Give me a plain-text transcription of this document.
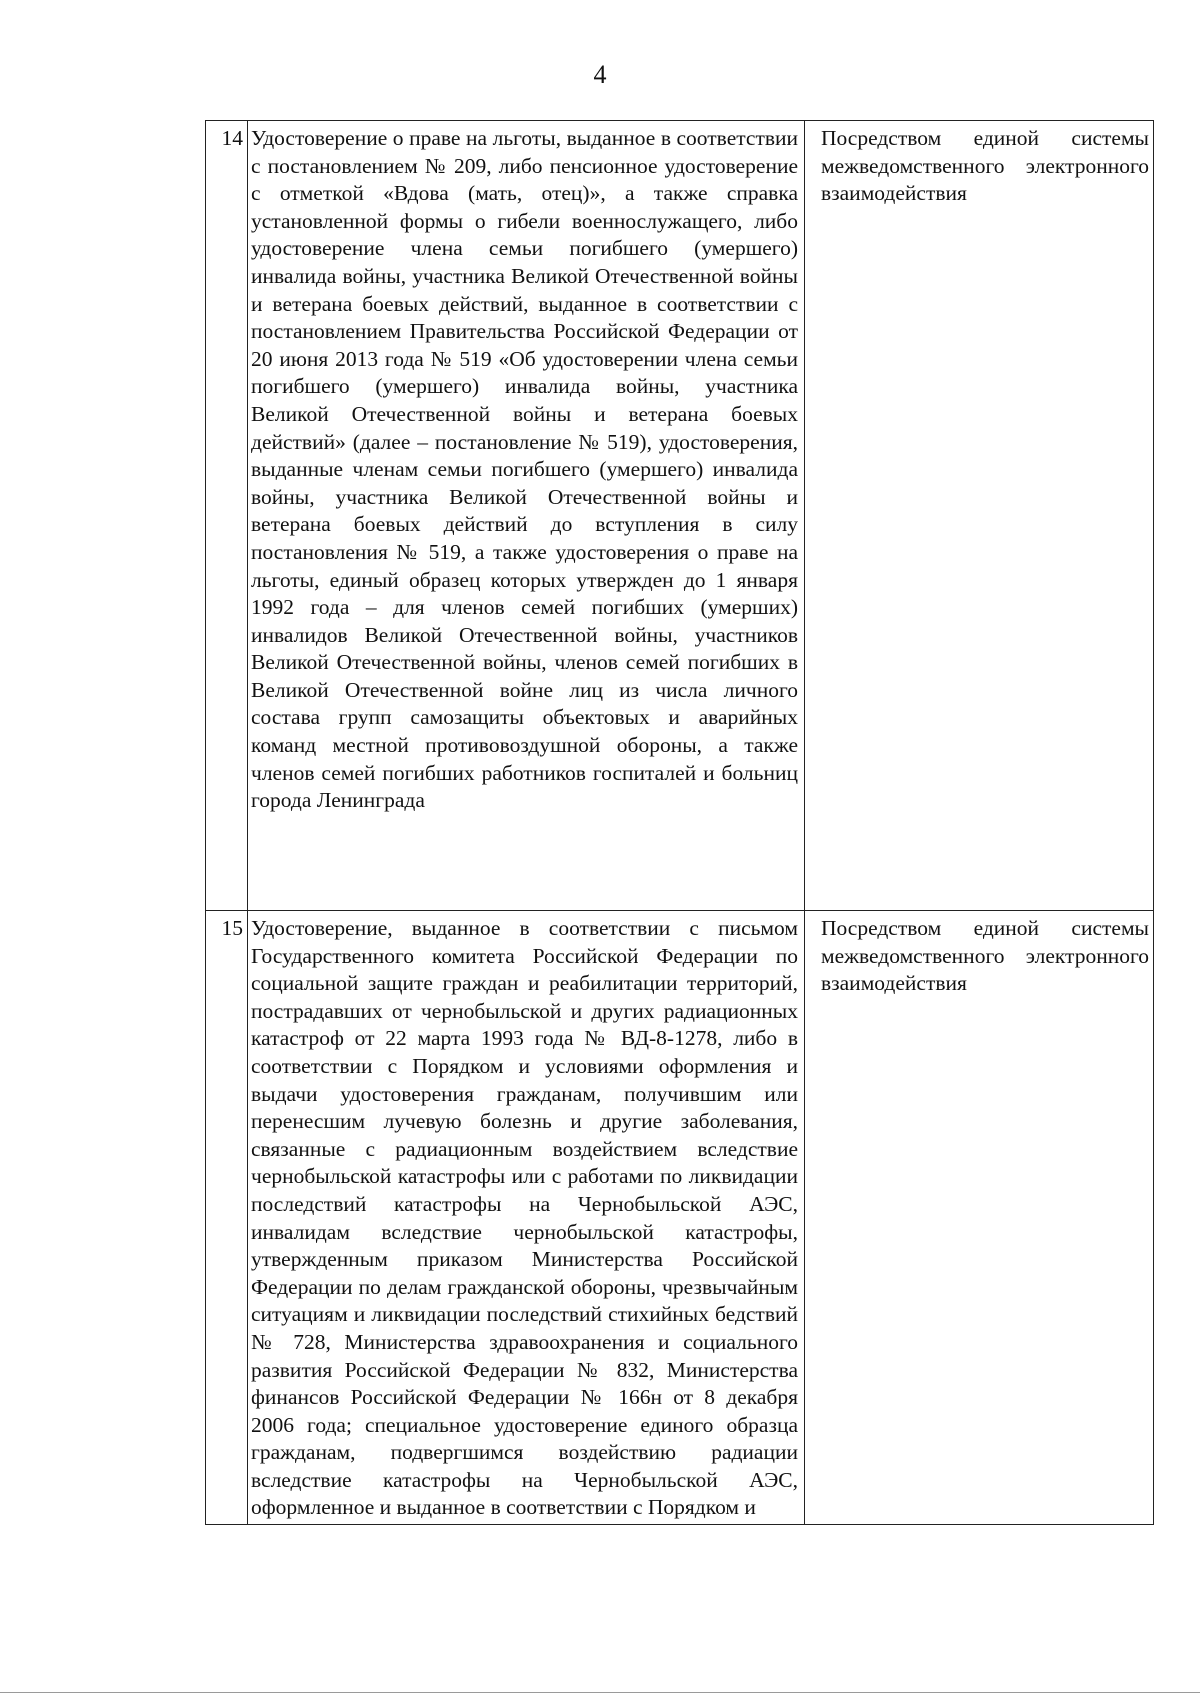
4
14	Удостоверение о праве на льготы, выданное в соответствии с постановлением № 209, либо пенсионное удостоверение с отметкой «Вдова (мать, отец)», а также справка установленной формы о гибели военнослужащего, либо удостоверение члена семьи погибшего (умершего) инвалида войны, участника Великой Отечественной войны и ветерана боевых действий, выданное в соответствии с постановлением Правительства Российской Федерации от 20 июня 2013 года № 519 «Об удостоверении члена семьи погибшего (умершего) инвалида войны, участника Великой Отечественной войны и ветерана боевых действий» (далее – постановление № 519), удостоверения, выданные членам семьи погибшего (умершего) инвалида войны, участника Великой Отечественной войны и ветерана боевых действий до вступления в силу постановления № 519, а также удостоверения о праве на льготы, единый образец которых утвержден до 1 января 1992 года – для членов семей погибших (умерших) инвалидов Великой Отечественной войны, участников Великой Отечественной войны, членов семей погибших в Великой Отечественной войне лиц из числа личного состава групп самозащиты объектовых и аварийных команд местной противовоздушной обороны, а также членов семей погибших работников госпиталей и больниц города Ленинграда	Посредством единой системы межведомственного электронного взаимодействия
15	Удостоверение, выданное в соответствии с письмом Государственного комитета Российской Федерации по социальной защите граждан и реабилитации территорий, пострадавших от чернобыльской и других радиационных катастроф от 22 марта 1993 года № ВД-8-1278, либо в соответствии с Порядком и условиями оформления и выдачи удостоверения гражданам, получившим или перенесшим лучевую болезнь и другие заболевания, связанные с радиационным воздействием вследствие чернобыльской катастрофы или с работами по ликвидации последствий катастрофы на Чернобыльской АЭС, инвалидам вследствие чернобыльской катастрофы, утвержденным приказом Министерства Российской Федерации по делам гражданской обороны, чрезвычайным ситуациям и ликвидации последствий стихийных бедствий № 728, Министерства здравоохранения и социального развития Российской Федерации № 832, Министерства финансов Российской Федерации № 166н от 8 декабря 2006 года; специальное удостоверение единого образца гражданам, подвергшимся воздействию радиации вследствие катастрофы на Чернобыльской АЭС, оформленное и выданное в соответствии с Порядком и	Посредством единой системы межведомственного электронного взаимодействия
